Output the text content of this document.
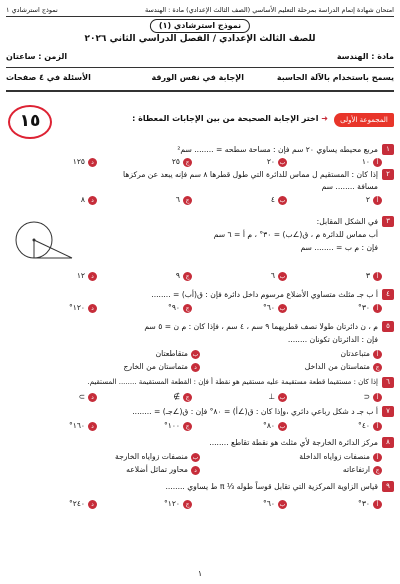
امتحان شهادة إتمام الدراسة بمرحلة التعليم الأساسي (الصف الثالث الإعدادي) مادة : الهندسة
نموذج استرشادي ١
نموذج استرشادي (١)
للصف الثالث الإعدادي / الفصل الدراسي الثاني ٢٠٢٦
مادة : الهندسة
الزمن : ساعتان
يسمح باستخدام بالآلة الحاسبة
الإجابة في نفس الورقة
الأسئلة في ٤ صفحات
المجموعة الأولى
➜ اختر الإجابة الصحيحة من بين الإجابات المعطاة :
١٥
١
مربع محيطه يساوي ٢٠ سم فإن : مساحة سطحه = ........ سم²
أ١٠
ب٢٠
ج٢٥
د١٢٥
٢
إذا كان : المستقيم ل مماس للدائرة التي طول قطرها ٨ سم فإنه يبعد عن مركزها
مسافة ........ سم
أ٢
ب٤
ج٦
د٨
٣
في الشكل المقابل:
أب مماس للدائرة م ، ق(∠ب) = ٣٠° ، م أ = ٦ سم
فإن : م ب = ........ سم
أ٣
ب٦
ج٩
د١٢
٤
أ ب جـ مثلث متساوي الأضلاع مرسوم داخل دائرة فإن : ق(أب) = ........
أ٣٠°
ب٦٠°
ج٩٠°
د١٢٠°
٥
م ، ن دائرتان طولا نصف قطريهما ٩ سم ، ٤ سم ، فإذا كان : م ن = ٥ سم
فإن : الدائرتان تكونان ........
أمتباعدتان
بمتقاطعتان
جمتماستان من الداخل
دمتماستان من الخارج
٦
إذا كان : مستقيما قطعة مستقيمة عليه مستقيم هو نقطة أ فإن : القطعة المستقيمة ........ المستقيم.
أ⊂
ب⊥
ج∌
د⊃
٧
أ ب جـ د شكل رباعي دائري ،وإذا كان : ق(∠أ) = ٨٠° فإن : ق(∠جـ) = ........
أ٤٠°
ب٨٠°
ج١٠٠°
د١٦٠°
٨
مركز الدائرة الخارجة لأي مثلث هو نقطة تقاطع ........
أمنصفات زواياه الداخلة
بمنصفات زواياه الخارجة
جارتفاعاته
دمحاور تماثل أضلاعه
٩
قياس الزاوية المركزية التي تقابل قوساً طوله ⅓ π ط يساوي ........
أ٣٠°
ب٦٠°
ج١٢٠°
د٢٤٠°
١
